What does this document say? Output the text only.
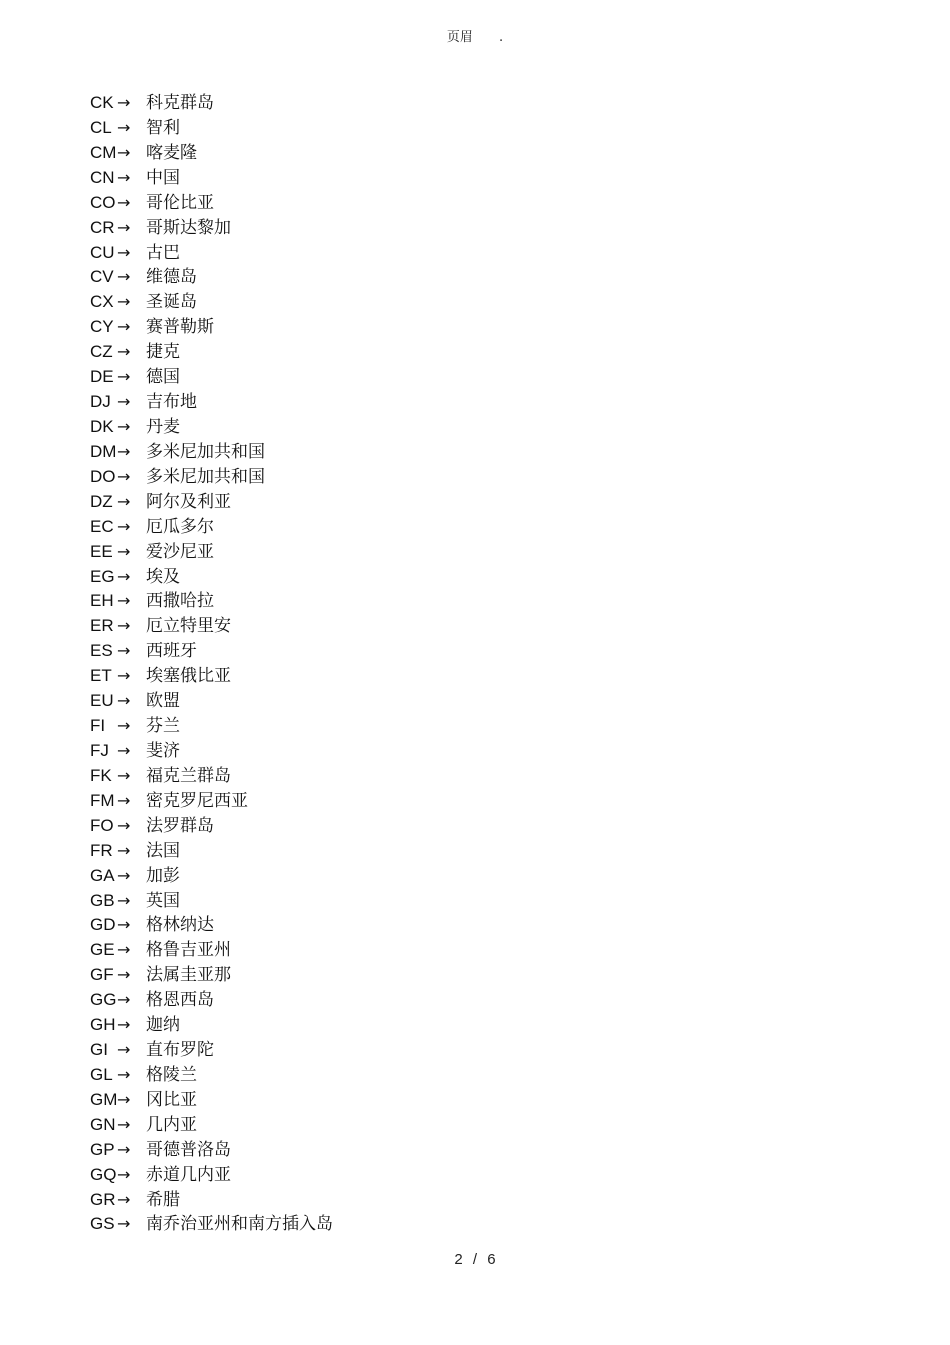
页眉 .
CK → 科克群岛
CL → 智利
CM→ 喀麦隆
CN → 中国
CO→ 哥伦比亚
CR → 哥斯达黎加
CU → 古巴
CV → 维德岛
CX → 圣诞岛
CY → 赛普勒斯
CZ → 捷克
DE → 德国
DJ → 吉布地
DK → 丹麦
DM→ 多米尼加共和国
DO→ 多米尼加共和国
DZ → 阿尔及利亚
EC → 厄瓜多尔
EE → 爱沙尼亚
EG → 埃及
EH → 西撒哈拉
ER → 厄立特里安
ES → 西班牙
ET → 埃塞俄比亚
EU → 欧盟
FI → 芬兰
FJ → 斐济
FK → 福克兰群岛
FM → 密克罗尼西亚
FO → 法罗群岛
FR → 法国
GA → 加彭
GB → 英国
GD→ 格林纳达
GE → 格鲁吉亚州
GF → 法属圭亚那
GG→ 格恩西岛
GH→ 迦纳
GI → 直布罗陀
GL → 格陵兰
GM→ 冈比亚
GN→ 几内亚
GP → 哥德普洛岛
GQ→ 赤道几内亚
GR→ 希腊
GS → 南乔治亚州和南方插入岛
2 / 6
